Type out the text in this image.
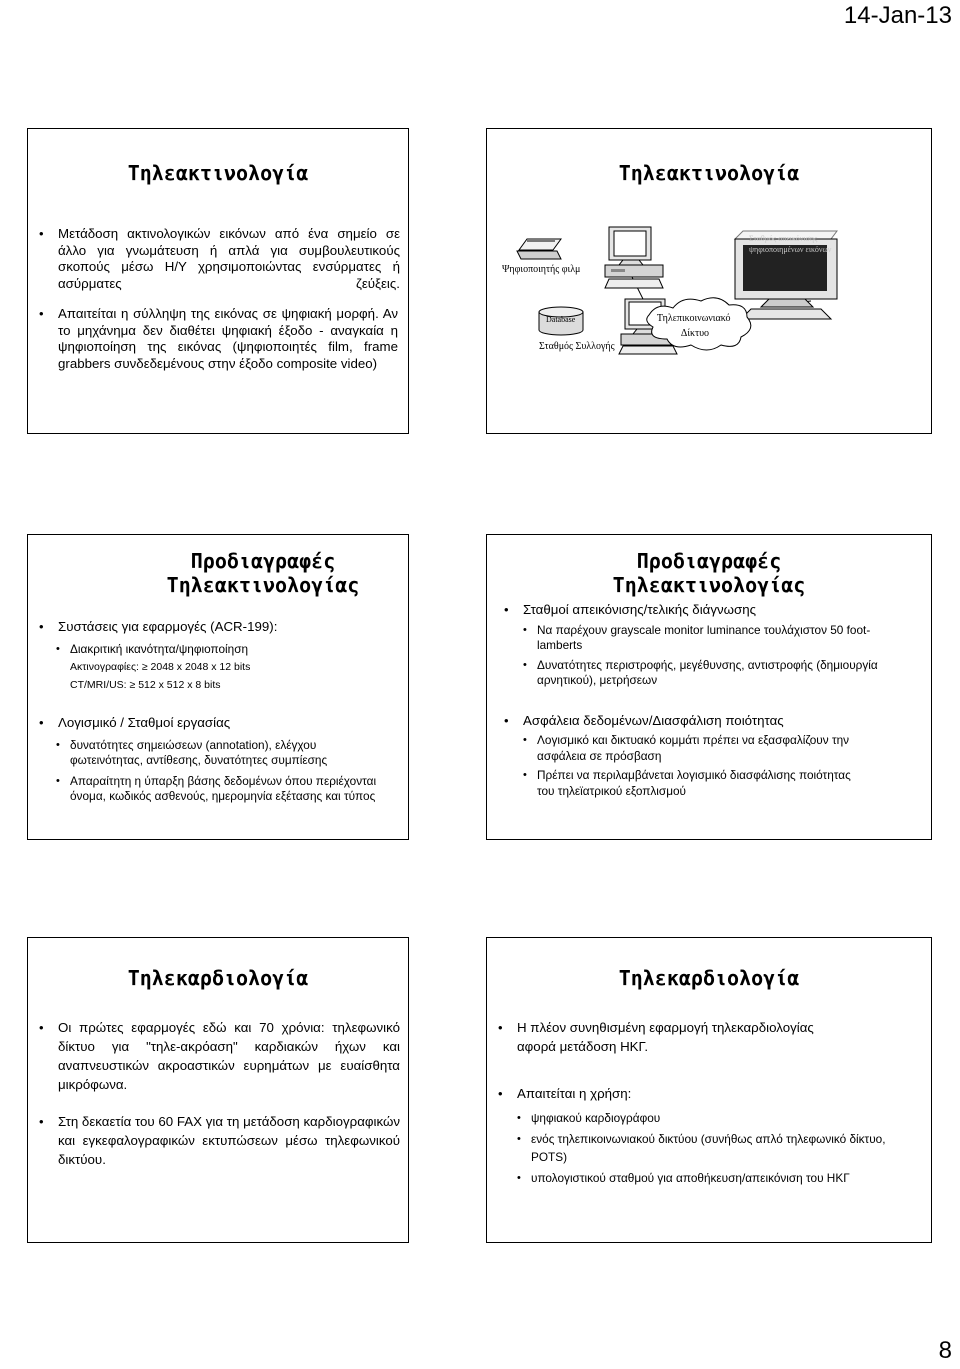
14-Jan-13
Τηλεακτινολογία
• Μετάδοση ακτινολογικών εικόνων από ένα σημείο σε άλλο για γνωμάτευση ή απλά για συμβουλευτικούς σκοπούς μέσω Η/Υ χρησιμοποιώντας ενσύρματες ή ασύρματες ζεύξεις.
• Απαιτείται η σύλληψη της εικόνας σε ψηφιακή μορφή. Αν το μηχάνημα δεν διαθέτει ψηφιακή έξοδο - αναγκαία η ψηφιοποίηση της εικόνας (ψηφιοποιητές film, frame grabbers συνδεδεμένους στην έξοδο composite video)
Τηλεακτινολογία
Ψηφιοποιητής φιλμ
Σταθμός απεικόνισης ψηφιοποιημένων εικόνων
Database
Σταθμός Συλλογής
Τηλεπικοινωνιακό Δίκτυο
Προδιαγραφές
Τηλεακτινολογίας
• Συστάσεις για εφαρμογές (ACR-199):
• Διακριτική ικανότητα/ψηφιοποίηση
Ακτινογραφίες: ≥ 2048 x 2048 x 12 bits
CT/MRI/US: ≥ 512 x 512 x 8 bits
• Λογισμικό / Σταθμοί εργασίας
• δυνατότητες σημειώσεων (annotation), ελέγχου φωτεινότητας, αντίθεσης, δυνατότητες συμπίεσης
• Απαραίτητη η ύπαρξη βάσης δεδομένων όπου περιέχονται όνομα, κωδικός ασθενούς, ημερομηνία εξέτασης και τύπος
Προδιαγραφές
Τηλεακτινολογίας
• Σταθμοί απεικόνισης/τελικής διάγνωσης
• Να παρέχουν grayscale monitor luminance τουλάχιστον 50 foot-lamberts
• Δυνατότητες περιστροφής, μεγέθυνσης, αντιστροφής (δημιουργία αρνητικού), μετρήσεων
• Ασφάλεια δεδομένων/Διασφάλιση ποιότητας
• Λογισμικό και δικτυακό κομμάτι πρέπει να εξασφαλίζουν την ασφάλεια σε πρόσβαση
• Πρέπει να περιλαμβάνεται λογισμικό διασφάλισης ποιότητας του τηλεϊατρικού εξοπλισμού
Τηλεκαρδιολογία
• Οι πρώτες εφαρμογές εδώ και 70 χρόνια: τηλεφωνικό δίκτυο για "τηλε-ακρόαση" καρδιακών ήχων και αναπνευστικών ακροαστικών ευρημάτων με ευαίσθητα μικρόφωνα.
• Στη δεκαετία του 60 FAX για τη μετάδοση καρδιογραφικών και εγκεφαλογραφικών εκτυπώσεων μέσω τηλεφωνικού δικτύου.
Τηλεκαρδιολογία
• Η πλέον συνηθισμένη εφαρμογή τηλεκαρδιολογίας αφορά μετάδοση ΗΚΓ.
• Απαιτείται η χρήση:
• ψηφιακού καρδιογράφου
• ενός τηλεπικοινωνιακού δικτύου (συνήθως απλό τηλεφωνικό δίκτυο, POTS)
• υπολογιστικού σταθμού για αποθήκευση/απεικόνιση του ΗΚΓ
8
